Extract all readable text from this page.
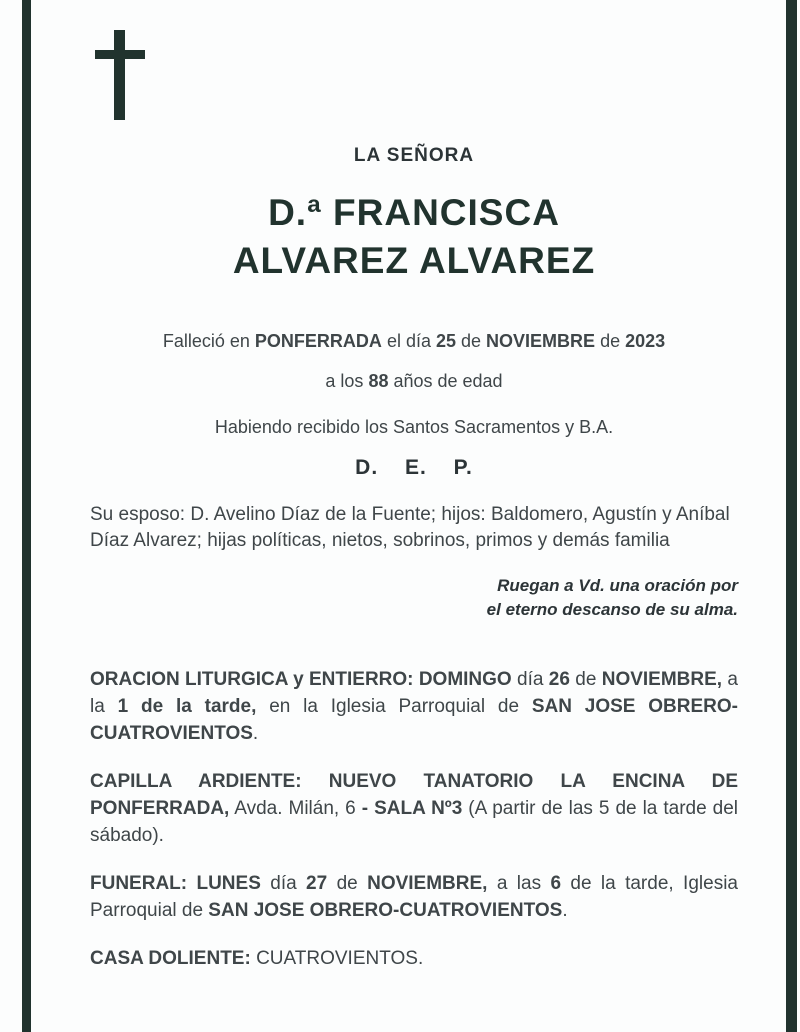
LA SEÑORA
D.ª FRANCISCA
ALVAREZ ALVAREZ
Falleció en PONFERRADA el día 25 de NOVIEMBRE de 2023
a los 88 años de edad
Habiendo recibido los Santos Sacramentos y B.A.
D. E. P.
Su esposo: D. Avelino Díaz de la Fuente; hijos: Baldomero, Agustín y Aníbal Díaz Alvarez; hijas políticas, nietos, sobrinos, primos y demás familia
Ruegan a Vd. una oración por
el eterno descanso de su alma.
ORACION LITURGICA y ENTIERRO: DOMINGO día 26 de NOVIEMBRE, a la 1 de la tarde, en la Iglesia Parroquial de SAN JOSE OBRERO-CUATROVIENTOS.
CAPILLA ARDIENTE: NUEVO TANATORIO LA ENCINA DE PONFERRADA, Avda. Milán, 6 - SALA Nº3 (A partir de las 5 de la tarde del sábado).
FUNERAL: LUNES día 27 de NOVIEMBRE, a las 6 de la tarde, Iglesia Parroquial de SAN JOSE OBRERO-CUATROVIENTOS.
CASA DOLIENTE: CUATROVIENTOS.
